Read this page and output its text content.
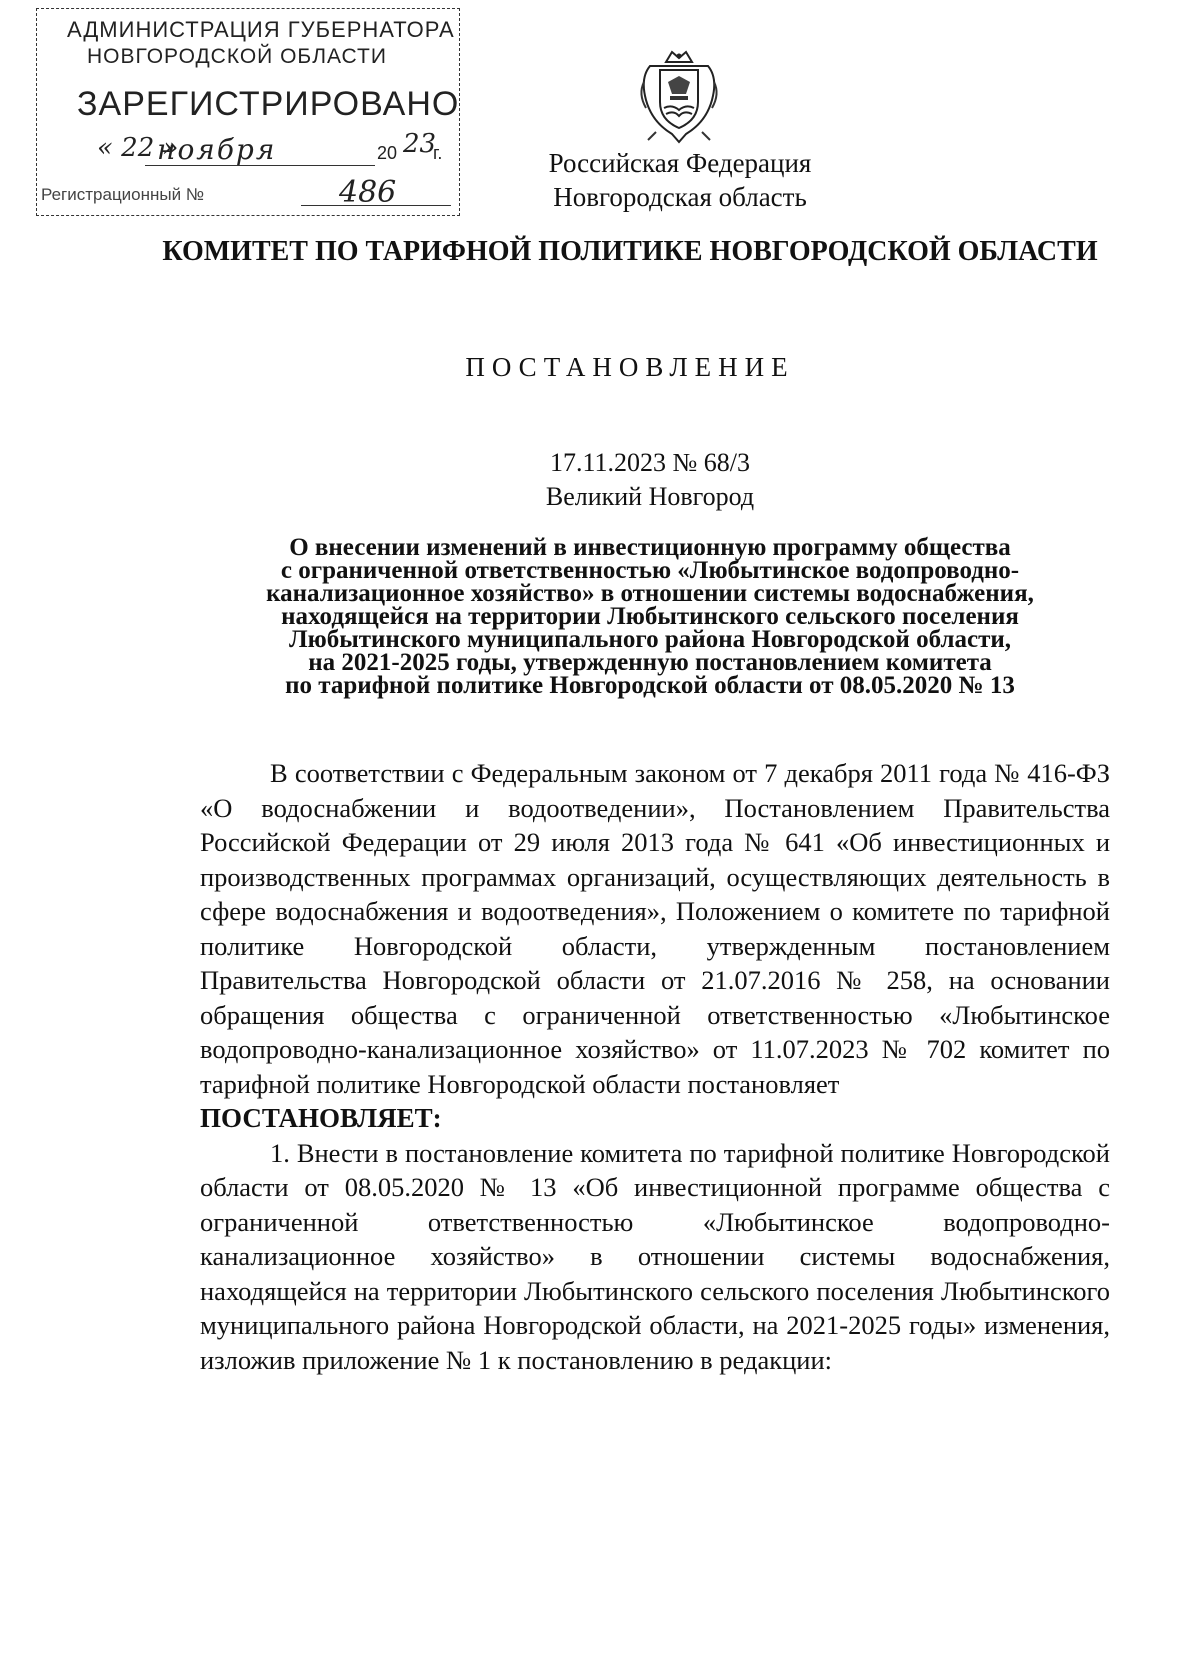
АДМИНИСТРАЦИЯ ГУБЕРНАТОРА
НОВГОРОДСКОЙ ОБЛАСТИ
ЗАРЕГИСТРИРОВАНО
« 22 »
ноября	20 23
г.
Регистрационный №	486
Российская Федерация
Новгородская область
КОМИТЕТ ПО ТАРИФНОЙ ПОЛИТИКЕ НОВГОРОДСКОЙ ОБЛАСТИ
ПОСТАНОВЛЕНИЕ
17.11.2023 № 68/3
Великий Новгород
О внесении изменений в инвестиционную программу общества
с ограниченной ответственностью «Любытинское водопроводно-
канализационное хозяйство» в отношении системы водоснабжения,
находящейся на территории Любытинского сельского поселения
Любытинского муниципального района Новгородской области,
на 2021-2025 годы, утвержденную постановлением комитета
по тарифной политике Новгородской области от 08.05.2020 № 13

В соответствии с Федеральным законом от 7 декабря 2011 года № 416-ФЗ «О водоснабжении и водоотведении», Постановлением Правительства Российской Федерации от 29 июля 2013 года № 641 «Об инвестиционных и производственных программах организаций, осуществляющих деятельность в сфере водоснабжения и водоотведения», Положением о комитете по тарифной политике Новгородской области, утвержденным постановлением Правительства Новгородской области от 21.07.2016 № 258, на основании обращения общества с ограниченной ответственностью «Любытинское водопроводно-канализационное хозяйство» от 11.07.2023 № 702 комитет по тарифной политике Новгородской области постановляет

ПОСТАНОВЛЯЕТ:

1. Внести в постановление комитета по тарифной политике Новгородской области от 08.05.2020 № 13 «Об инвестиционной программе общества с ограниченной ответственностью «Любытинское водопроводно-канализационное хозяйство» в отношении системы водоснабжения, находящейся на территории Любытинского сельского поселения Любытинского муниципального района Новгородской области, на 2021-2025 годы» изменения, изложив приложение № 1 к постановлению в редакции:
